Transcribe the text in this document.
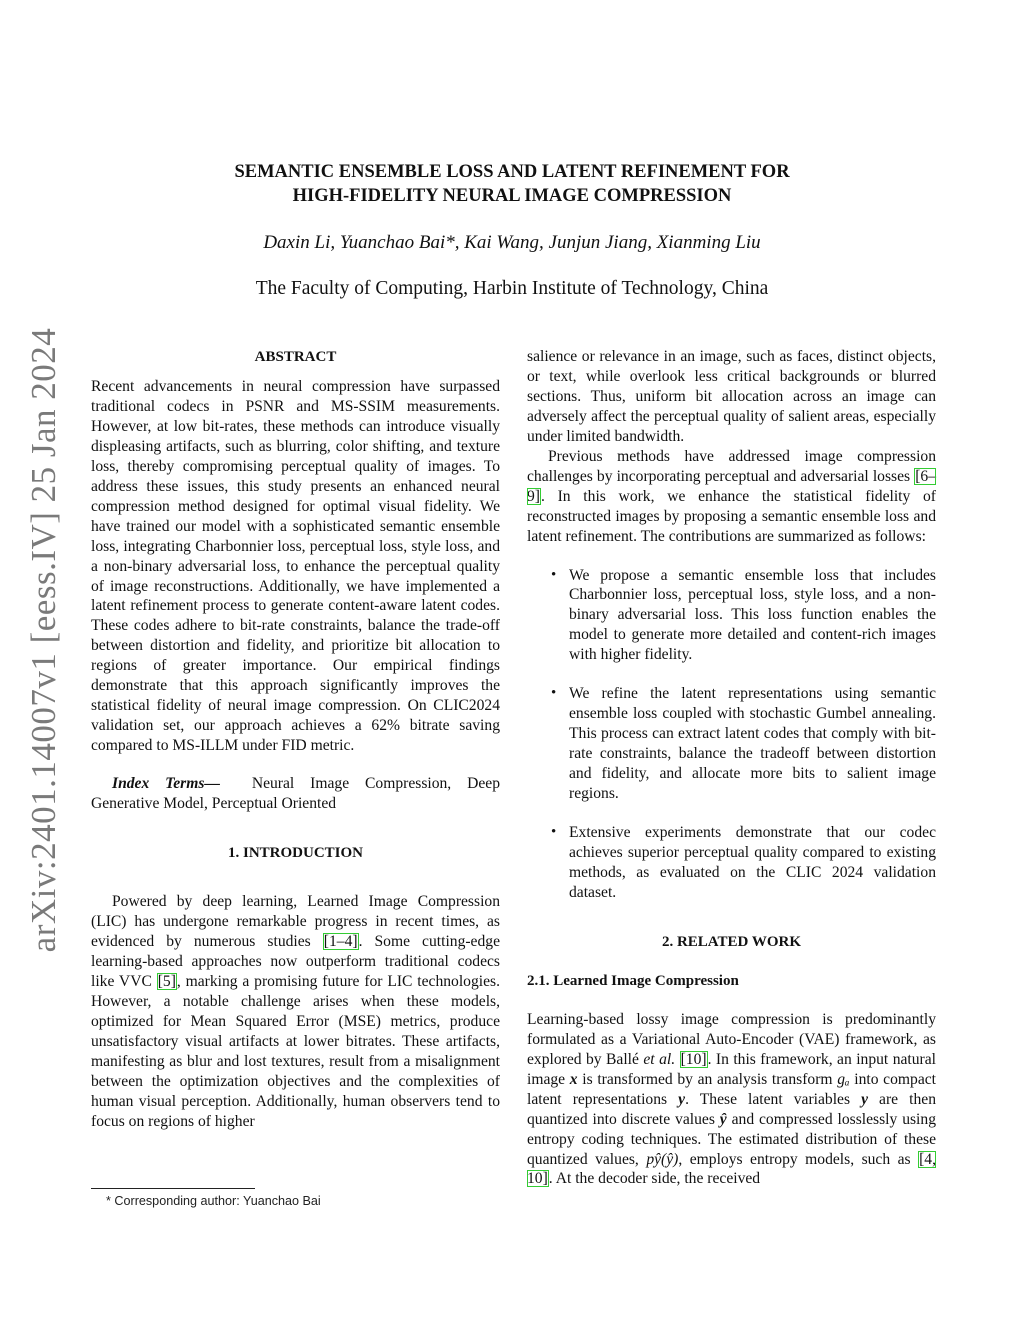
arXiv:2401.14007v1 [eess.IV] 25 Jan 2024
SEMANTIC ENSEMBLE LOSS AND LATENT REFINEMENT FOR
HIGH-FIDELITY NEURAL IMAGE COMPRESSION
Daxin Li, Yuanchao Bai*, Kai Wang, Junjun Jiang, Xianming Liu
The Faculty of Computing, Harbin Institute of Technology, China
ABSTRACT
Recent advancements in neural compression have surpassed traditional codecs in PSNR and MS-SSIM measurements. However, at low bit-rates, these methods can introduce visually displeasing artifacts, such as blurring, color shifting, and texture loss, thereby compromising perceptual quality of images. To address these issues, this study presents an enhanced neural compression method designed for optimal visual fidelity. We have trained our model with a sophisticated semantic ensemble loss, integrating Charbonnier loss, perceptual loss, style loss, and a non-binary adversarial loss, to enhance the perceptual quality of image reconstructions. Additionally, we have implemented a latent refinement process to generate content-aware latent codes. These codes adhere to bit-rate constraints, balance the trade-off between distortion and fidelity, and prioritize bit allocation to regions of greater importance. Our empirical findings demonstrate that this approach significantly improves the statistical fidelity of neural image compression. On CLIC2024 validation set, our approach achieves a 62% bitrate saving compared to MS-ILLM under FID metric.
Index Terms— Neural Image Compression, Deep Generative Model, Perceptual Oriented
1. INTRODUCTION
Powered by deep learning, Learned Image Compression (LIC) has undergone remarkable progress in recent times, as evidenced by numerous studies [1–4]. Some cutting-edge learning-based approaches now outperform traditional codecs like VVC [5], marking a promising future for LIC technologies. However, a notable challenge arises when these models, optimized for Mean Squared Error (MSE) metrics, produce unsatisfactory visual artifacts at lower bitrates. These artifacts, manifesting as blur and lost textures, result from a misalignment between the optimization objectives and the complexities of human visual perception. Additionally, human observers tend to focus on regions of higher
salience or relevance in an image, such as faces, distinct objects, or text, while overlook less critical backgrounds or blurred sections. Thus, uniform bit allocation across an image can adversely affect the perceptual quality of salient areas, especially under limited bandwidth.
Previous methods have addressed image compression challenges by incorporating perceptual and adversarial losses [6–9]. In this work, we enhance the statistical fidelity of reconstructed images by proposing a semantic ensemble loss and latent refinement. The contributions are summarized as follows:
• We propose a semantic ensemble loss that includes Charbonnier loss, perceptual loss, style loss, and a non-binary adversarial loss. This loss function enables the model to generate more detailed and content-rich images with higher fidelity.
• We refine the latent representations using semantic ensemble loss coupled with stochastic Gumbel annealing. This process can extract latent codes that comply with bit-rate constraints, balance the tradeoff between distortion and fidelity, and allocate more bits to salient image regions.
• Extensive experiments demonstrate that our codec achieves superior perceptual quality compared to existing methods, as evaluated on the CLIC 2024 validation dataset.
2. RELATED WORK
2.1. Learned Image Compression
Learning-based lossy image compression is predominantly formulated as a Variational Auto-Encoder (VAE) framework, as explored by Ballé et al. [10]. In this framework, an input natural image x is transformed by an analysis transform gₐ into compact latent representations y. These latent variables y are then quantized into discrete values ŷ and compressed losslessly using entropy coding techniques. The estimated distribution of these quantized values, pŷ(ŷ), employs entropy models, such as [4, 10]. At the decoder side, the received
* Corresponding author: Yuanchao Bai
